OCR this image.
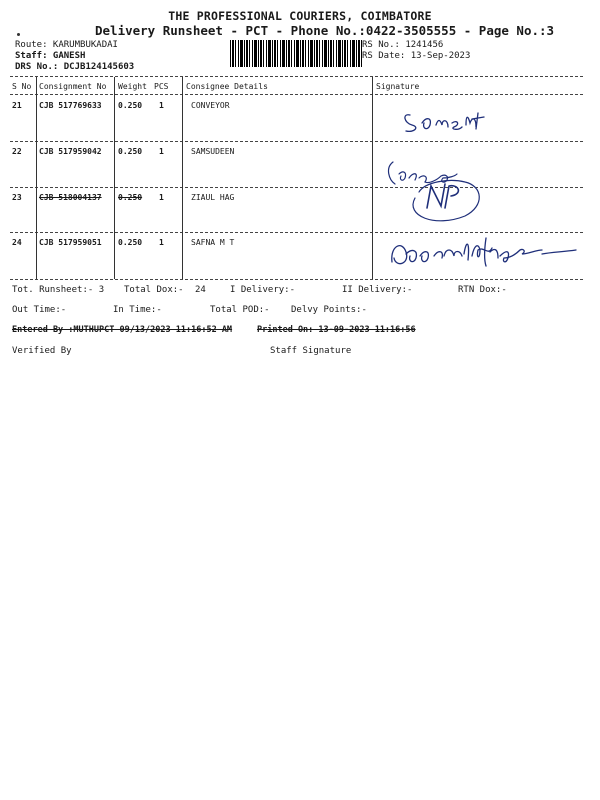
THE PROFESSIONAL COURIERS, COIMBATORE
Delivery Runsheet - PCT - Phone No.:0422-3505555 - Page No.:3
Route: KARUMBUKADAI
Staff: GANESH
DRS No.: DCJB124145603
RS No.: 1241456
RS Date: 13-Sep-2023
S No Consignment No Weight PCS Consignee Details	Signature
21 CJB 517769633 0.250 1	CONVEYOR
22 CJB 517959042 0.250 1	SAMSUDEEN
23 CJB 518004137 0.250 1	ZIAUL HAG
24 CJB 517959051 0.250 1	SAFNA M T
Tot. Runsheet:- 3 Total Dox:- 24	I Delivery:-	II Delivery:-	RTN Dox:-
Out Time:-	In Time:-	Total POD:- Delvy Points:-
Entered By :MUTHUPCT 09/13/2023 11:16:52 AM	Printed On: 13-09-2023 11:16:56
Verified By	Staff Signature
